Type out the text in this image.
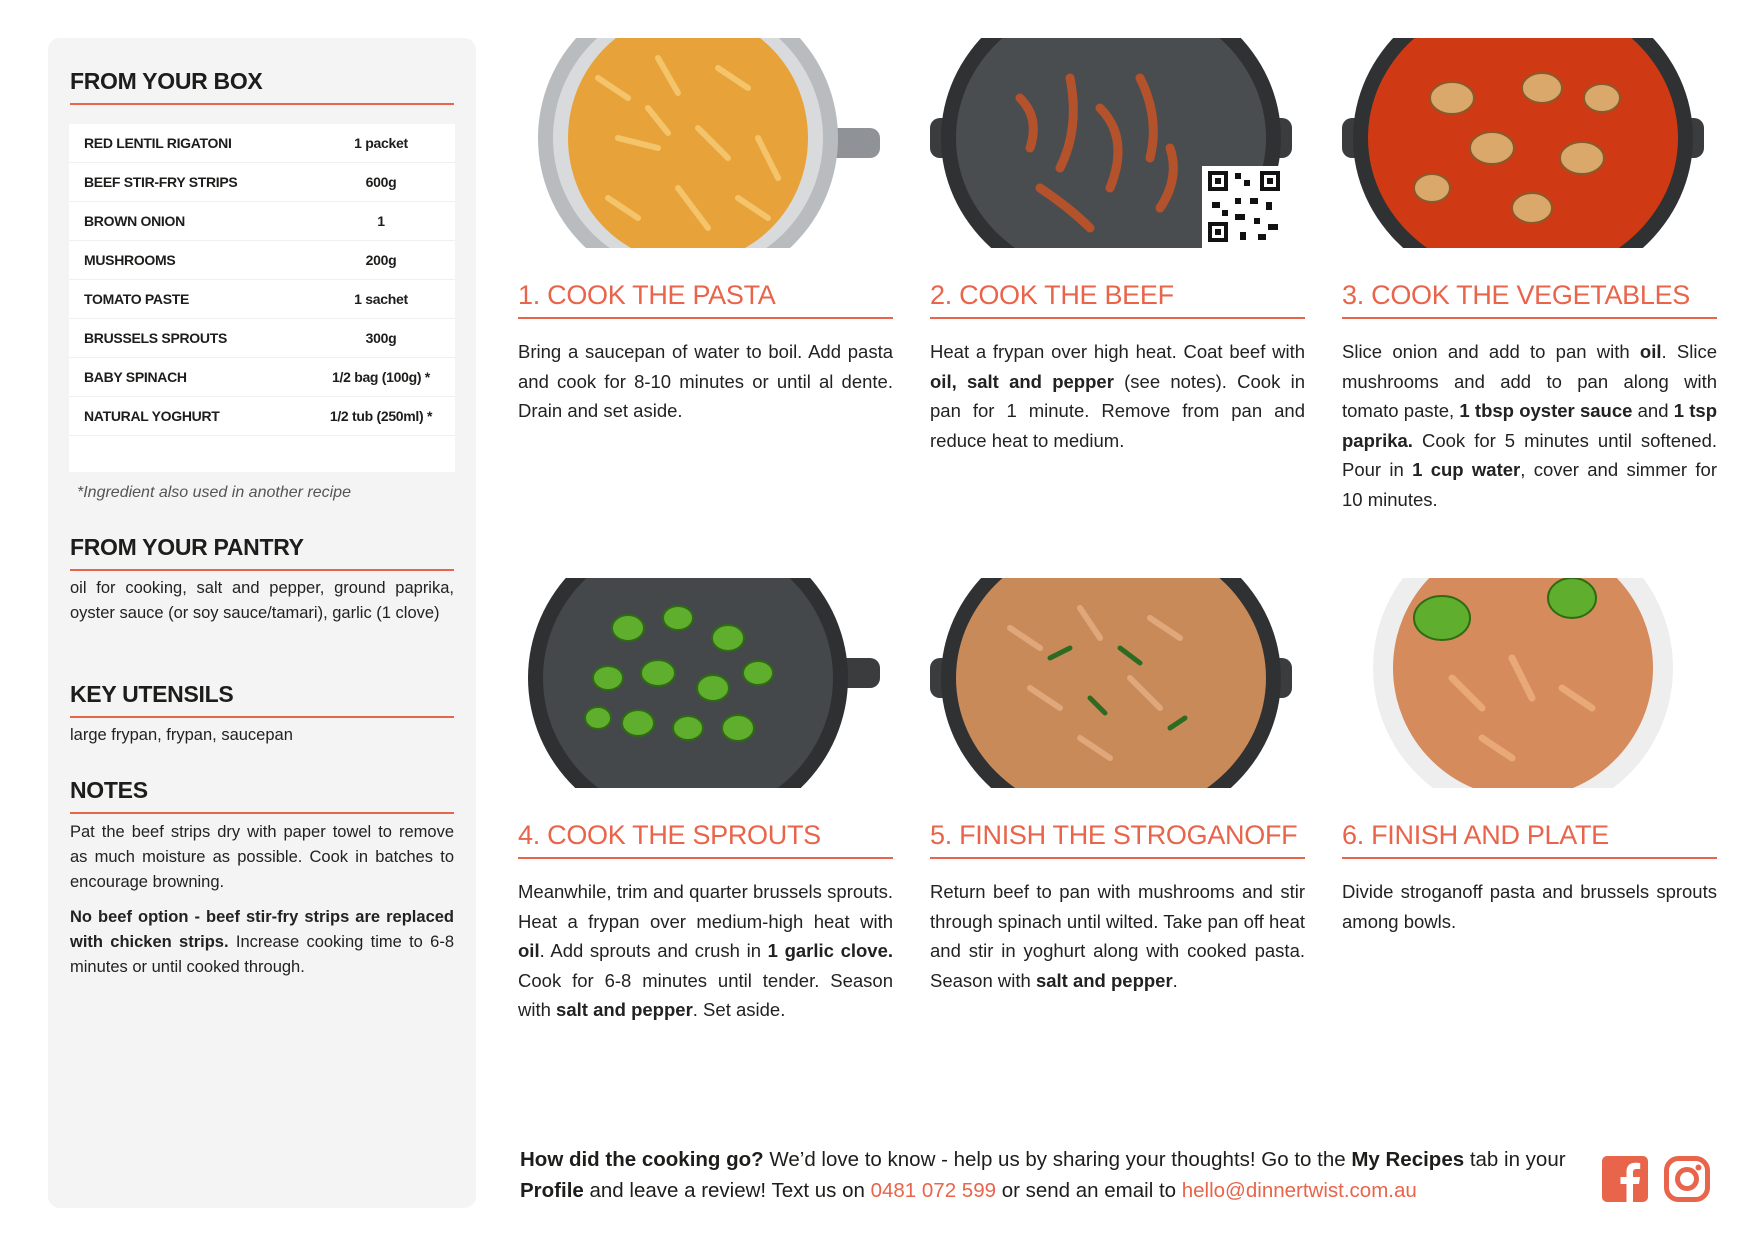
FROM YOUR BOX
RED LENTIL RIGATONI	1 packet
BEEF STIR-FRY STRIPS	600g
BROWN ONION	1
MUSHROOMS	200g
TOMATO PASTE	1 sachet
BRUSSELS SPROUTS	300g
BABY SPINACH	1/2 bag (100g) *
NATURAL YOGHURT	1/2 tub (250ml) *
*Ingredient also used in another recipe
FROM YOUR PANTRY
oil for cooking, salt and pepper, ground paprika, oyster sauce (or soy sauce/tamari), garlic (1 clove)
KEY UTENSILS
large frypan, frypan, saucepan
NOTES

Pat the beef strips dry with paper towel to remove as much moisture as possible. Cook in batches to encourage browning.

No beef option - beef stir-fry strips are replaced with chicken strips. Increase cooking time to 6-8 minutes or until cooked through.

1. COOK THE PASTA
Bring a saucepan of water to boil. Add pasta and cook for 8-10 minutes or until al dente. Drain and set aside.
2. COOK THE BEEF
Heat a frypan over high heat. Coat beef with oil, salt and pepper (see notes). Cook in pan for 1 minute. Remove from pan and reduce heat to medium.
3. COOK THE VEGETABLES
Slice onion and add to pan with oil. Slice mushrooms and add to pan along with tomato paste, 1 tbsp oyster sauce and 1 tsp paprika. Cook for 5 minutes until softened. Pour in 1 cup water, cover and simmer for 10 minutes.
4. COOK THE SPROUTS
Meanwhile, trim and quarter brussels sprouts. Heat a frypan over medium-high heat with oil. Add sprouts and crush in 1 garlic clove. Cook for 6-8 minutes until tender. Season with salt and pepper. Set aside.
5. FINISH THE STROGANOFF
Return beef to pan with mushrooms and stir through spinach until wilted. Take pan off heat and stir in yoghurt along with cooked pasta. Season with salt and pepper.
6. FINISH AND PLATE
Divide stroganoff pasta and brussels sprouts among bowls.
How did the cooking go? We’d love to know - help us by sharing your thoughts! Go to the My Recipes tab in your Profile and leave a review! Text us on 0481 072 599 or send an email to hello@dinnertwist.com.au
